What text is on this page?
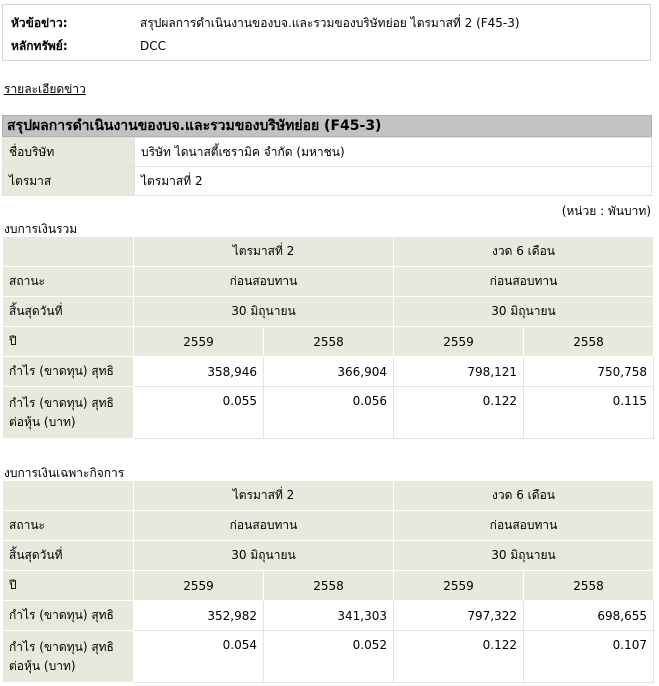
หัวข้อข่าว:	สรุปผลการดำเนินงานของบจ.และรวมของบริษัทย่อย ไตรมาสที่ 2 (F45-3)
หลักทรัพย์:	DCC
รายละเอียดข่าว
สรุปผลการดำเนินงานของบจ.และรวมของบริษัทย่อย (F45-3)
ชื่อบริษัท	บริษัท ไดนาสตี้เซรามิค จำกัด (มหาชน)
ไตรมาส	ไตรมาสที่ 2
(หน่วย : พันบาท)
งบการเงินรวม
	ไตรมาสที่ 2		งวด 6 เดือน	
สถานะ	ก่อนสอบทาน		ก่อนสอบทาน	
สิ้นสุดวันที่	30 มิถุนายน		30 มิถุนายน	
ปี	2559	2558	2559	2558
กำไร (ขาดทุน) สุทธิ	358,946	366,904	798,121	750,758
กำไร (ขาดทุน) สุทธิต่อหุ้น (บาท)	0.055	0.056	0.122	0.115
งบการเงินเฉพาะกิจการ
	ไตรมาสที่ 2		งวด 6 เดือน	
สถานะ	ก่อนสอบทาน		ก่อนสอบทาน	
สิ้นสุดวันที่	30 มิถุนายน		30 มิถุนายน	
ปี	2559	2558	2559	2558
กำไร (ขาดทุน) สุทธิ	352,982	341,303	797,322	698,655
กำไร (ขาดทุน) สุทธิต่อหุ้น (บาท)	0.054	0.052	0.122	0.107
